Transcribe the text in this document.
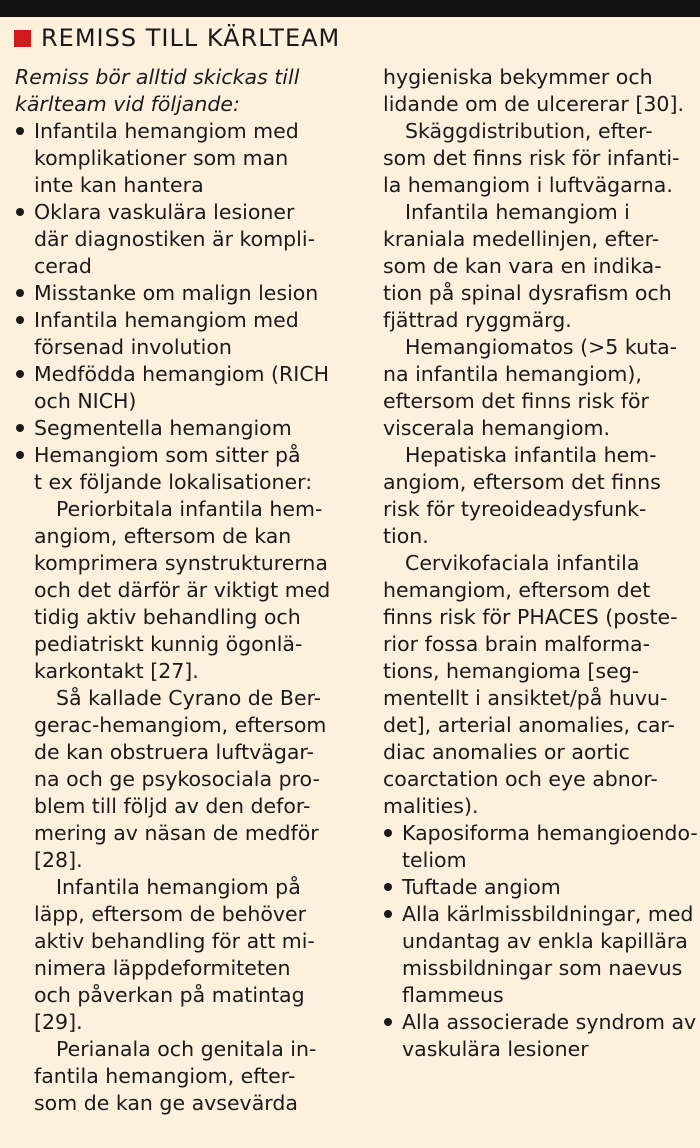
REMISS TILL KÄRLTEAM
Remiss bör alltid skickas till
kärlteam vid följande:
Infantila hemangiom med
komplikationer som man
inte kan hantera
Oklara vaskulära lesioner
där diagnostiken är kompli-
cerad
Misstanke om malign lesion
Infantila hemangiom med
försenad involution
Medfödda hemangiom (RICH
och NICH)
Segmentella hemangiom
Hemangiom som sitter på
t ex följande lokalisationer:
Periorbitala infantila hem-
angiom, eftersom de kan
komprimera synstrukturerna
och det därför är viktigt med
tidig aktiv behandling och
pediatriskt kunnig ögonlä-
karkontakt [27].
Så kallade Cyrano de Ber-
gerac-hemangiom, eftersom
de kan obstruera luftvägar-
na och ge psykosociala pro-
blem till följd av den defor-
mering av näsan de medför
[28].
Infantila hemangiom på
läpp, eftersom de behöver
aktiv behandling för att mi-
nimera läppdeformiteten
och påverkan på matintag
[29].
Perianala och genitala in-
fantila hemangiom, efter-
som de kan ge avsevärda
hygieniska bekymmer och
lidande om de ulcererar [30].
Skäggdistribution, efter-
som det finns risk för infanti-
la hemangiom i luftvägarna.
Infantila hemangiom i
kraniala medellinjen, efter-
som de kan vara en indika-
tion på spinal dysrafism och
fjättrad ryggmärg.
Hemangiomatos (>5 kuta-
na infantila hemangiom),
eftersom det finns risk för
viscerala hemangiom.
Hepatiska infantila hem-
angiom, eftersom det finns
risk för tyreoideadysfunk-
tion.
Cervikofaciala infantila
hemangiom, eftersom det
finns risk för PHACES (poste-
rior fossa brain malforma-
tions, hemangioma [seg-
mentellt i ansiktet/på huvu-
det], arterial anomalies, car-
diac anomalies or aortic
coarctation och eye abnor-
malities).
Kaposiforma hemangioendo-
teliom
Tuftade angiom
Alla kärlmissbildningar, med
undantag av enkla kapillära
missbildningar som naevus
flammeus
Alla associerade syndrom av
vaskulära lesioner
